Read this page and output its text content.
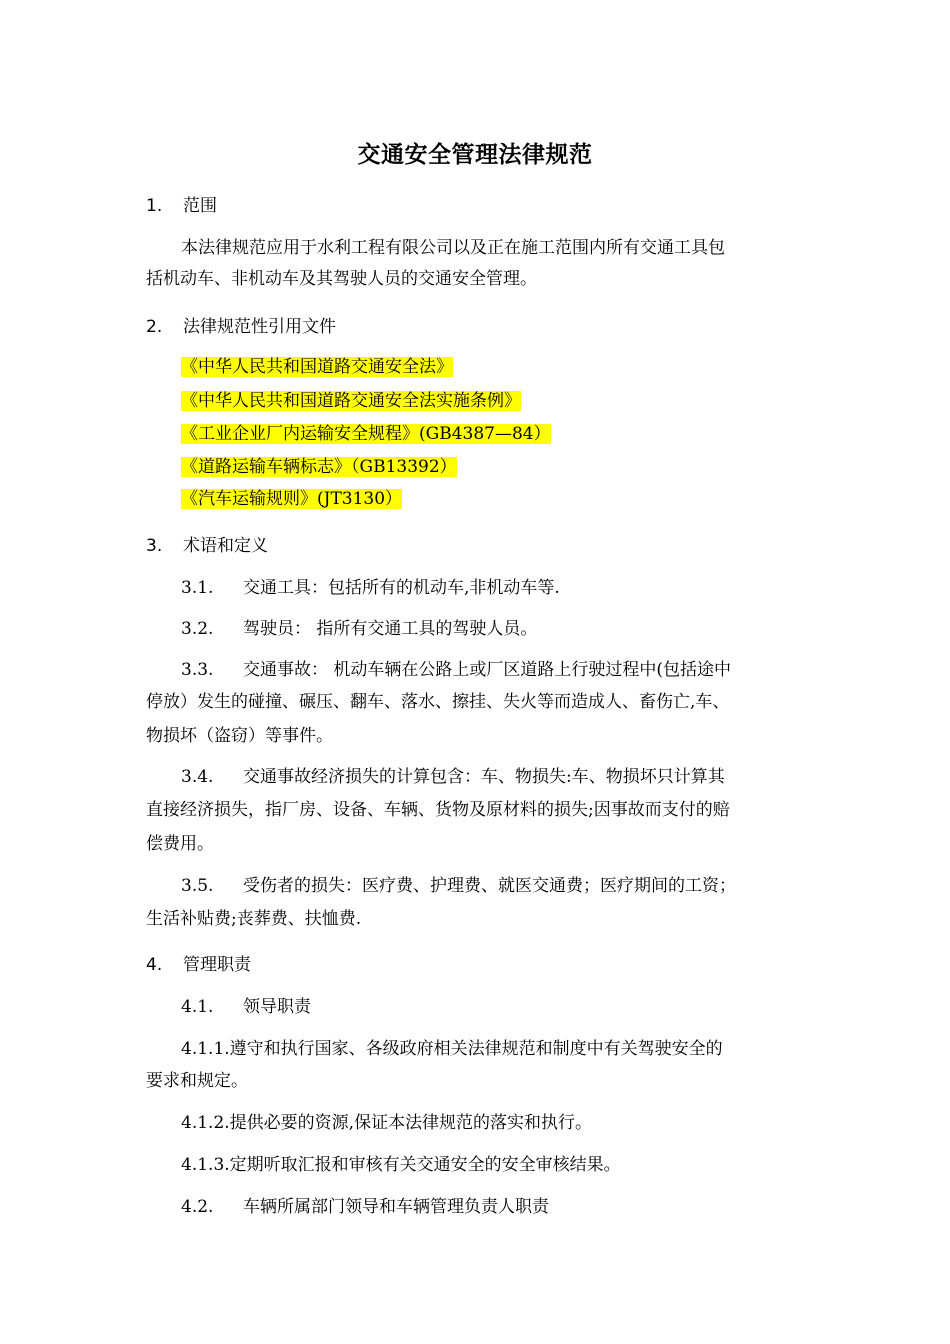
交通安全管理法律规范
1. 范围
本法律规范应用于水利工程有限公司以及正在施工范围内所有交通工具包
括机动车、非机动车及其驾驶人员的交通安全管理。
2. 法律规范性引用文件
《中华人民共和国道路交通安全法》
《中华人民共和国道路交通安全法实施条例》
《工业企业厂内运输安全规程》(GB4387—84）
《道路运输车辆标志》（GB13392）
《汽车运输规则》(JT3130）
3. 术语和定义
3.1. 交通工具：包括所有的机动车,非机动车等.
3.2. 驾驶员： 指所有交通工具的驾驶人员。
3.3. 交通事故： 机动车辆在公路上或厂区道路上行驶过程中(包括途中
停放）发生的碰撞、碾压、翻车、落水、擦挂、失火等而造成人、畜伤亡,车、
物损坏（盗窃）等事件。
3.4. 交通事故经济损失的计算包含：车、物损失:车、物损坏只计算其
直接经济损失，指厂房、设备、车辆、货物及原材料的损失;因事故而支付的赔
偿费用。
3.5. 受伤者的损失：医疗费、护理费、就医交通费；医疗期间的工资；
生活补贴费;丧葬费、扶恤费.
4. 管理职责
4.1. 领导职责
4.1.1.遵守和执行国家、各级政府相关法律规范和制度中有关驾驶安全的
要求和规定。
4.1.2.提供必要的资源,保证本法律规范的落实和执行。
4.1.3.定期听取汇报和审核有关交通安全的安全审核结果。
4.2. 车辆所属部门领导和车辆管理负责人职责
